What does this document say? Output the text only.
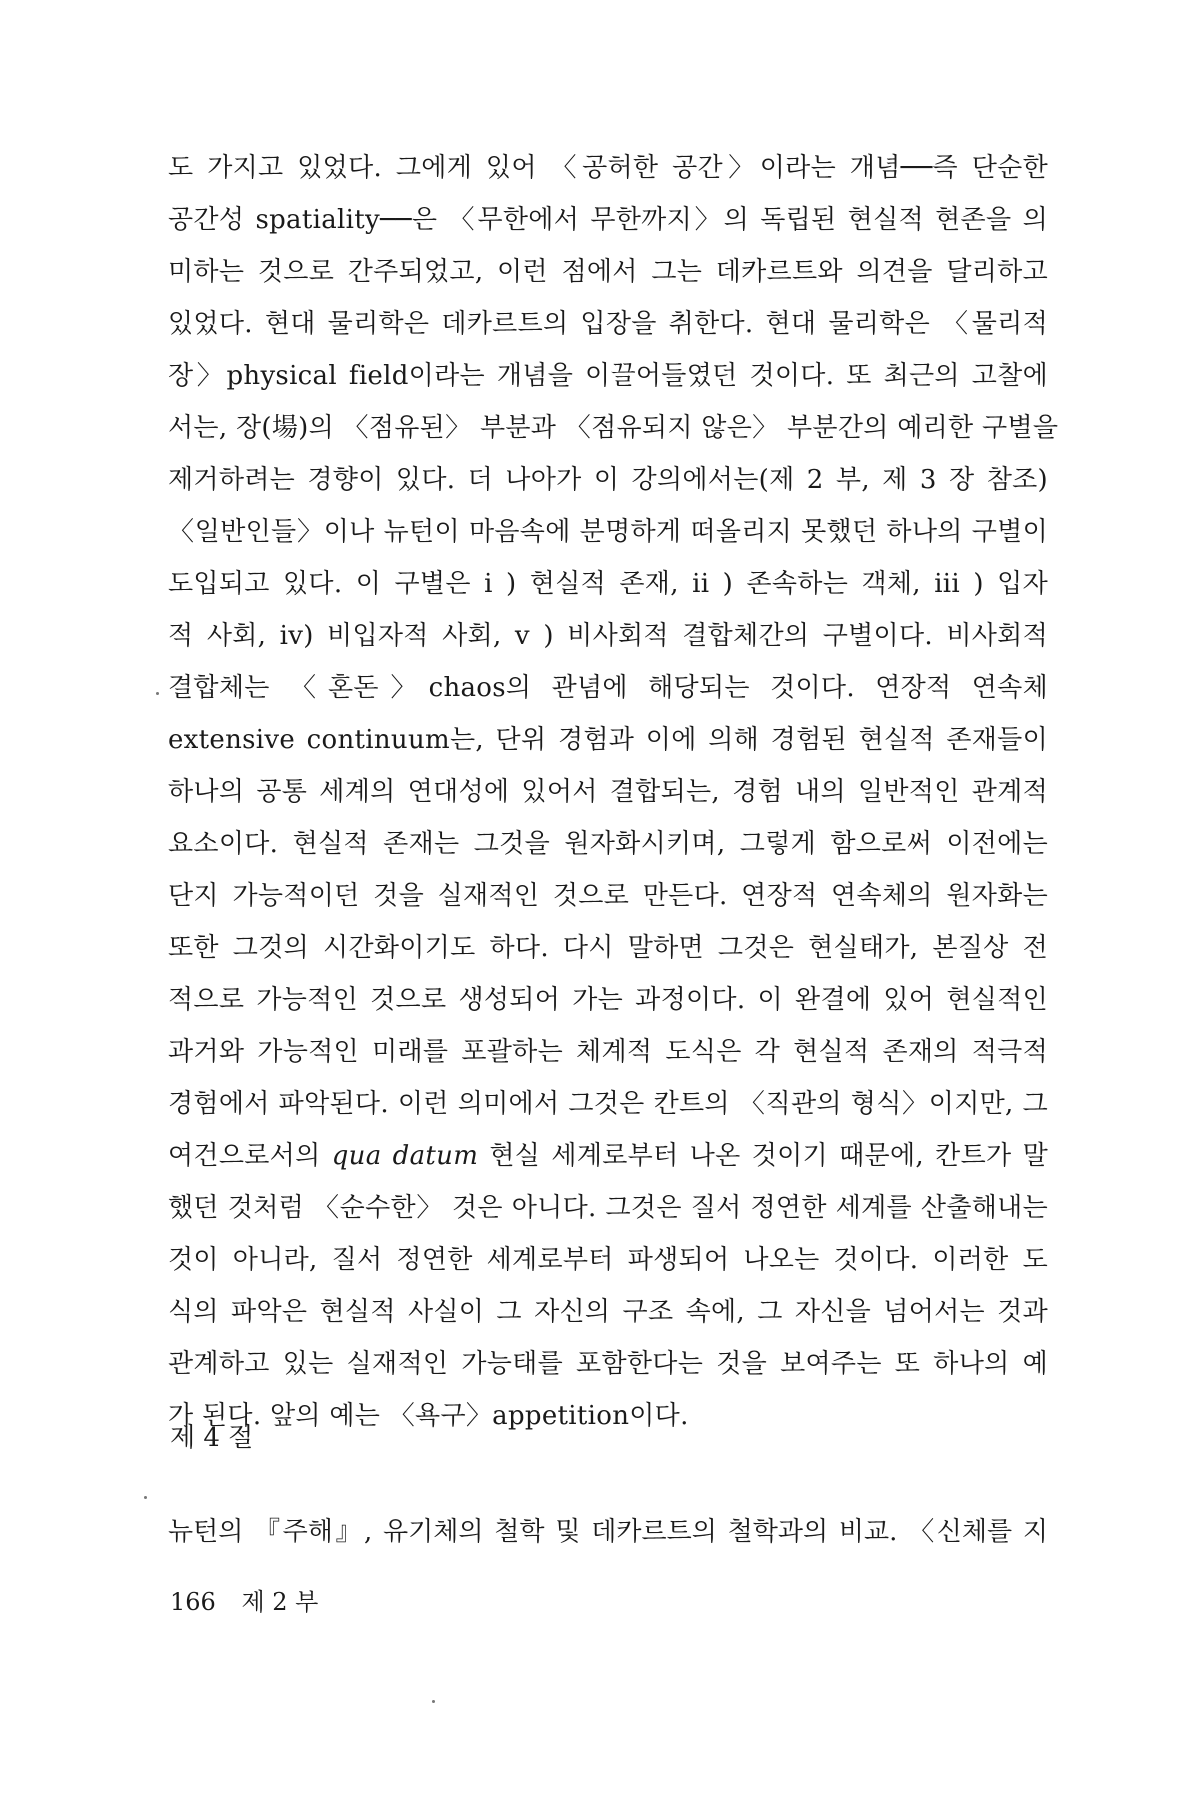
도 가지고 있었다. 그에게 있어 〈공허한 공간〉이라는 개념──즉 단순한
공간성 spatiality──은 〈무한에서 무한까지〉의 독립된 현실적 현존을 의
미하는 것으로 간주되었고, 이런 점에서 그는 데카르트와 의견을 달리하고
있었다. 현대 물리학은 데카르트의 입장을 취한다. 현대 물리학은 〈물리적
장〉physical field이라는 개념을 이끌어들였던 것이다. 또 최근의 고찰에
서는, 장(場)의 〈점유된〉 부분과 〈점유되지 않은〉 부분간의 예리한 구별을
제거하려는 경향이 있다. 더 나아가 이 강의에서는(제 2 부, 제 3 장 참조)
〈일반인들〉이나 뉴턴이 마음속에 분명하게 떠올리지 못했던 하나의 구별이
도입되고 있다. 이 구별은 i ) 현실적 존재, ii ) 존속하는 객체, iii ) 입자
적 사회, iv) 비입자적 사회, v ) 비사회적 결합체간의 구별이다. 비사회적
결합체는 〈혼돈〉chaos의 관념에 해당되는 것이다. 연장적 연속체
extensive continuum는, 단위 경험과 이에 의해 경험된 현실적 존재들이
하나의 공통 세계의 연대성에 있어서 결합되는, 경험 내의 일반적인 관계적
요소이다. 현실적 존재는 그것을 원자화시키며, 그렇게 함으로써 이전에는
단지 가능적이던 것을 실재적인 것으로 만든다. 연장적 연속체의 원자화는
또한 그것의 시간화이기도 하다. 다시 말하면 그것은 현실태가, 본질상 전
적으로 가능적인 것으로 생성되어 가는 과정이다. 이 완결에 있어 현실적인
과거와 가능적인 미래를 포괄하는 체계적 도식은 각 현실적 존재의 적극적
경험에서 파악된다. 이런 의미에서 그것은 칸트의 〈직관의 형식〉이지만, 그
여건으로서의 qua datum 현실 세계로부터 나온 것이기 때문에, 칸트가 말
했던 것처럼 〈순수한〉 것은 아니다. 그것은 질서 정연한 세계를 산출해내는
것이 아니라, 질서 정연한 세계로부터 파생되어 나오는 것이다. 이러한 도
식의 파악은 현실적 사실이 그 자신의 구조 속에, 그 자신을 넘어서는 것과
관계하고 있는 실재적인 가능태를 포함한다는 것을 보여주는 또 하나의 예
가 된다. 앞의 예는 〈욕구〉appetition이다.
제 4 절
뉴턴의 『주해』, 유기체의 철학 및 데카르트의 철학과의 비교. 〈신체를 지
166 제 2 부
